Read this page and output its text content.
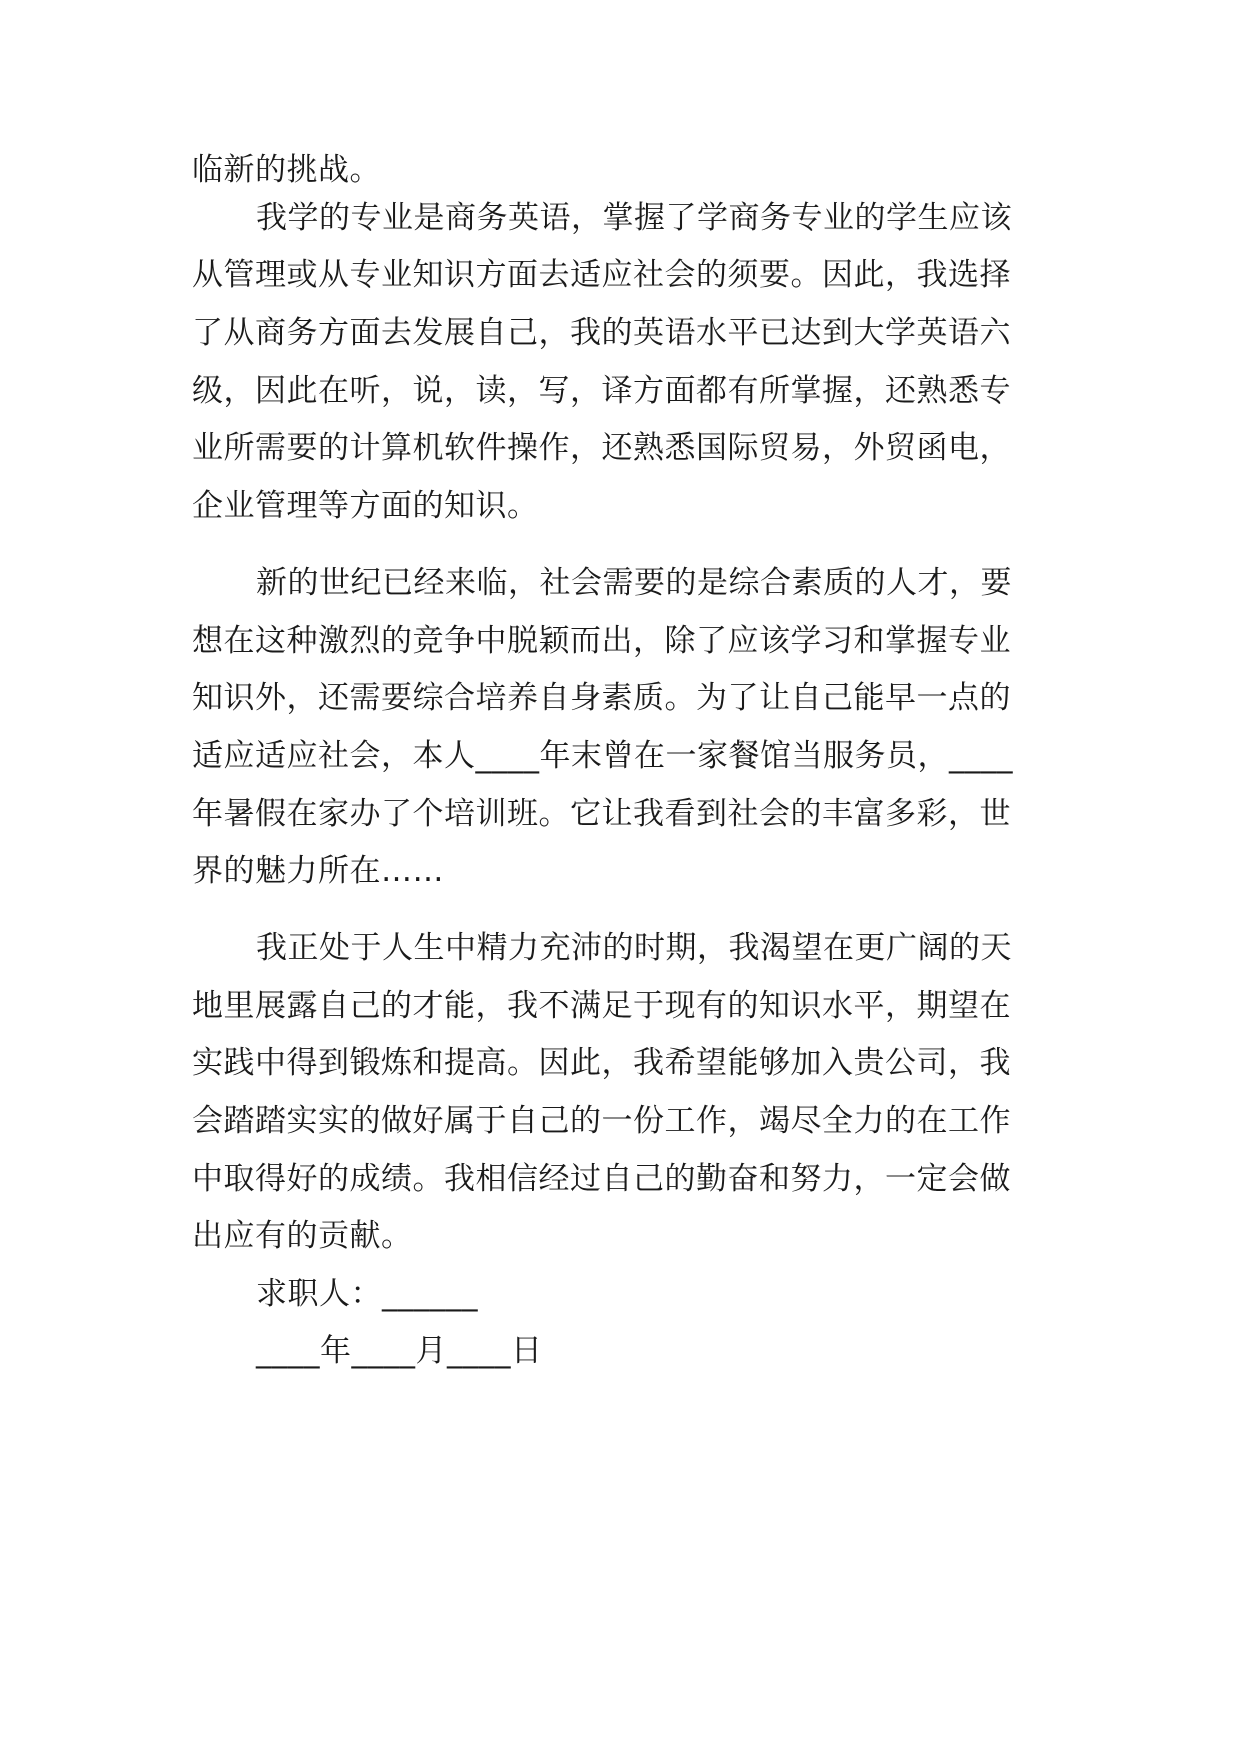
临新的挑战。
我学的专业是商务英语，掌握了学商务专业的学生应该
从管理或从专业知识方面去适应社会的须要。因此，我选择
了从商务方面去发展自己，我的英语水平已达到大学英语六
级，因此在听，说，读，写，译方面都有所掌握，还熟悉专
业所需要的计算机软件操作，还熟悉国际贸易，外贸函电，
企业管理等方面的知识。
新的世纪已经来临，社会需要的是综合素质的人才，要
想在这种激烈的竞争中脱颖而出，除了应该学习和掌握专业
知识外，还需要综合培养自身素质。为了让自己能早一点的
适应适应社会，本人____年末曾在一家餐馆当服务员，____
年暑假在家办了个培训班。它让我看到社会的丰富多彩，世
界的魅力所在……
我正处于人生中精力充沛的时期，我渴望在更广阔的天
地里展露自己的才能，我不满足于现有的知识水平，期望在
实践中得到锻炼和提高。因此，我希望能够加入贵公司，我
会踏踏实实的做好属于自己的一份工作，竭尽全力的在工作
中取得好的成绩。我相信经过自己的勤奋和努力，一定会做
出应有的贡献。
求职人：______
____年____月____日
